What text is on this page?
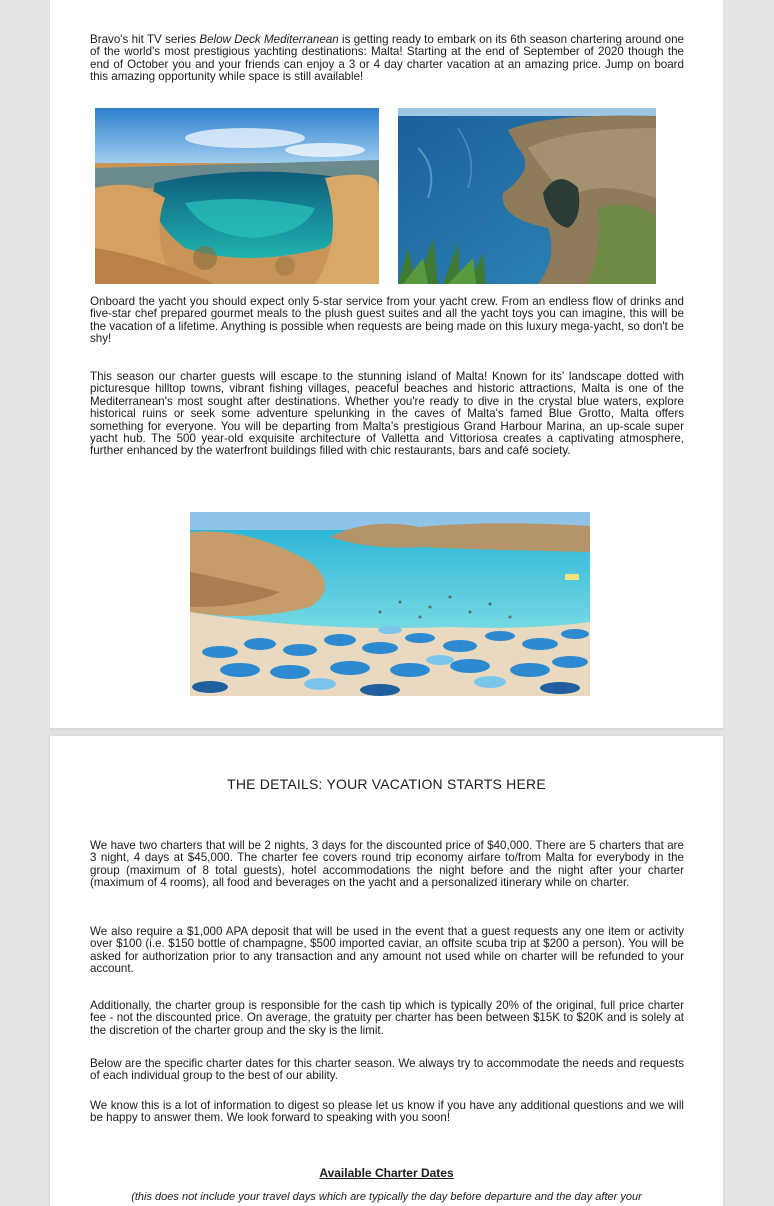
Bravo's hit TV series Below Deck Mediterranean is getting ready to embark on its 6th season chartering around one of the world's most prestigious yachting destinations: Malta! Starting at the end of September of 2020 though the end of October you and your friends can enjoy a 3 or 4 day charter vacation at an amazing price. Jump on board this amazing opportunity while space is still available!

Onboard the yacht you should expect only 5-star service from your yacht crew. From an endless flow of drinks and five-star chef prepared gourmet meals to the plush guest suites and all the yacht toys you can imagine, this will be the vacation of a lifetime. Anything is possible when requests are being made on this luxury mega-yacht, so don't be shy!

This season our charter guests will escape to the stunning island of Malta! Known for its' landscape dotted with picturesque hilltop towns, vibrant fishing villages, peaceful beaches and historic attractions, Malta is one of the Mediterranean's most sought after destinations. Whether you're ready to dive in the crystal blue waters, explore historical ruins or seek some adventure spelunking in the caves of Malta's famed Blue Grotto, Malta offers something for everyone. You will be departing from Malta's prestigious Grand Harbour Marina, an up-scale super yacht hub. The 500 year-old exquisite architecture of Valletta and Vittoriosa creates a captivating atmosphere, further enhanced by the waterfront buildings filled with chic restaurants, bars and café society.

THE DETAILS: YOUR VACATION STARTS HERE

We have two charters that will be 2 nights, 3 days for the discounted price of $40,000. There are 5 charters that are 3 night, 4 days at $45,000. The charter fee covers round trip economy airfare to/from Malta for everybody in the group (maximum of 8 total guests), hotel accommodations the night before and the night after your charter (maximum of 4 rooms), all food and beverages on the yacht and a personalized itinerary while on charter.

We also require a $1,000 APA deposit that will be used in the event that a guest requests any one item or activity over $100 (i.e. $150 bottle of champagne, $500 imported caviar, an offsite scuba trip at $200 a person). You will be asked for authorization prior to any transaction and any amount not used while on charter will be refunded to your account.

Additionally, the charter group is responsible for the cash tip which is typically 20% of the original, full price charter fee - not the discounted price. On average, the gratuity per charter has been between $15K to $20K and is solely at the discretion of the charter group and the sky is the limit.

Below are the specific charter dates for this charter season. We always try to accommodate the needs and requests of each individual group to the best of our ability.

We know this is a lot of information to digest so please let us know if you have any additional questions and we will be happy to answer them. We look forward to speaking with you soon!

Available Charter Dates

(this does not include your travel days which are typically the day before departure and the day after your
